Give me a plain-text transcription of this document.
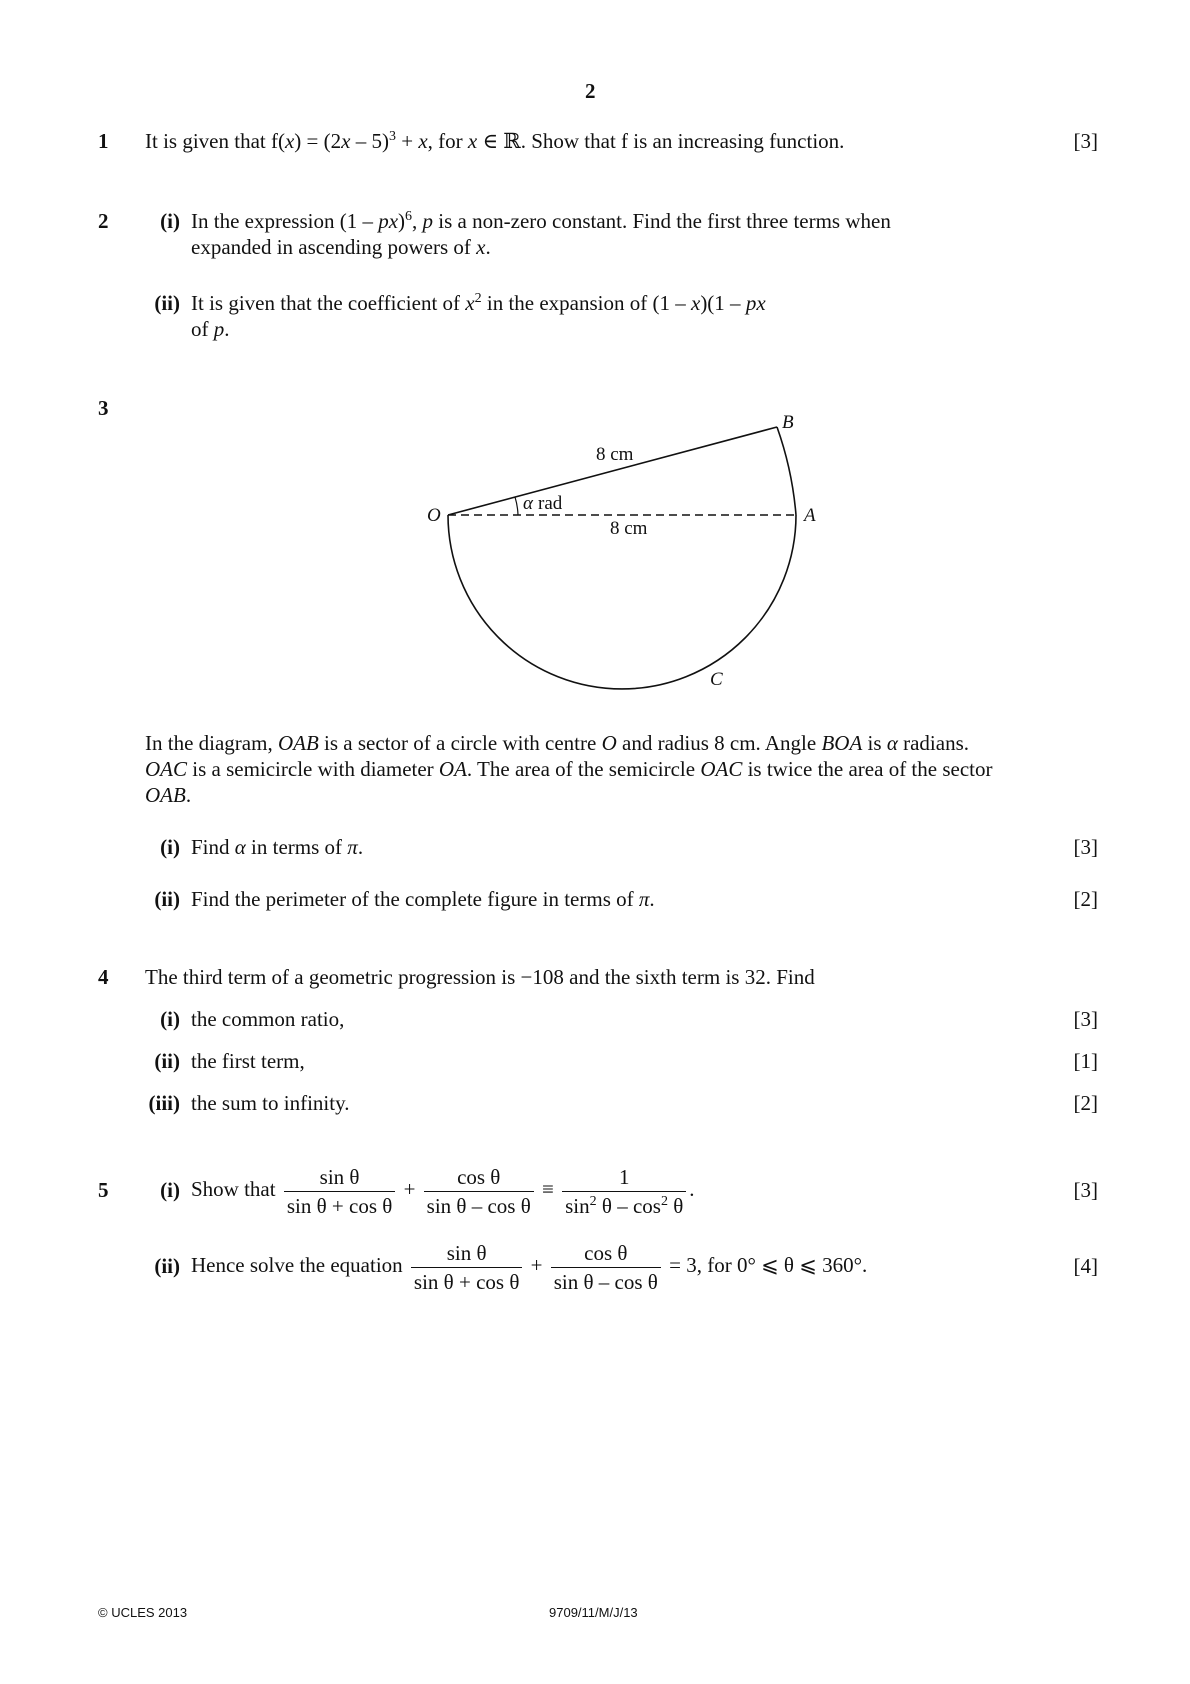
2
1 It is given that f(x) = (2x – 5)$^3$ + x, for x ∈ ℝ. Show that f is an increasing function.	[3]
2	(i) In the expression (1 – px)$^6$, p is a non-zero constant. Find the first three terms when
expanded in ascending powers of x.
(ii) It is given that the coefficient of $x^2$ in the expansion of (1 – x)(1 – px
of p.
3
O	A
B
C
α rad
8 cm
8 cm
In the diagram, OAB is a sector of a circle with centre O and radius 8 cm. Angle BOA is α radians.
OAC is a semicircle with diameter OA. The area of the semicircle OAC is twice the area of the sector
OAB.
(i) Find α in terms of π.	[3]
(ii) Find the perimeter of the complete figure in terms of π.	[2]
4 The third term of a geometric progression is −108 and the sixth term is 32. Find
(i) the common ratio,	[3]
(ii) the first term,	[1]
(iii) the sum to infinity.	[2]
5	(i) Show that $\frac{\text{sin θ}}{\text{sin θ + cos θ}} + \frac{\text{cos θ}}{\text{sin θ – cos θ}} \equiv \frac{1}{\sin^2 \theta - \cos^2 \theta}$ .	[3]
(ii) Hence solve the equation $\frac{\text{sin θ}}{\text{sin θ + cos θ}} + \frac{\text{cos θ}}{\text{sin θ – cos θ}} = 3$, for 0° ⩽ θ ⩽ 360°.	[4]
© UCLES 2013	9709/11/M/J/13
